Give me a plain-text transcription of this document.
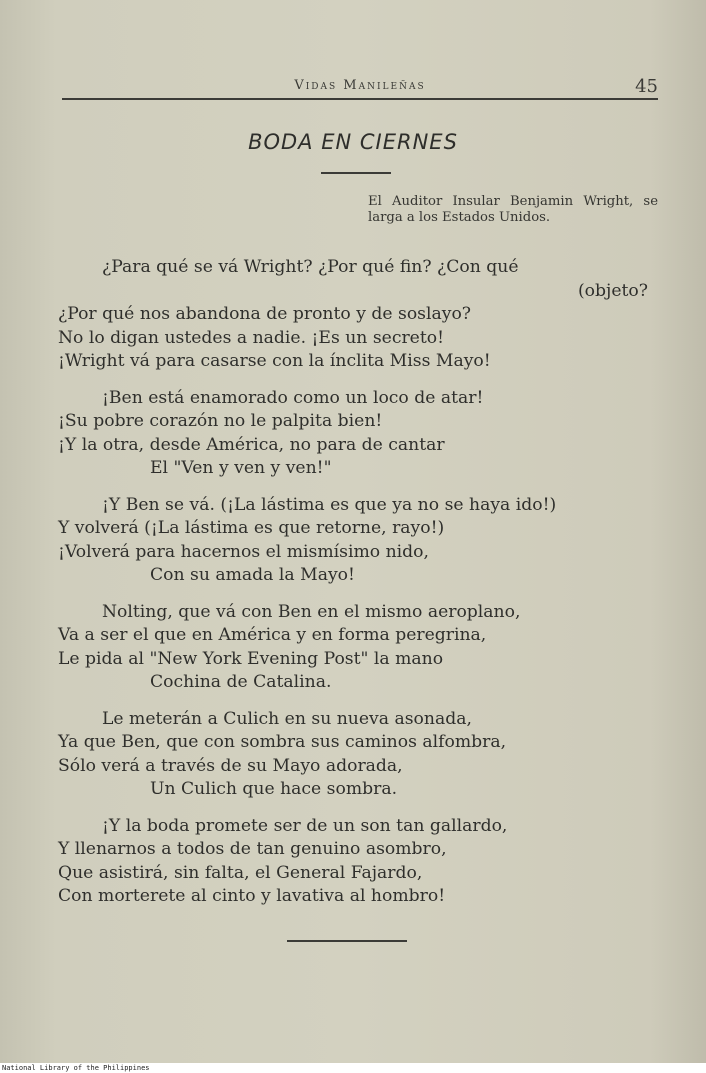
Vidas Manileñas	45
BODA EN CIERNES
El Auditor Insular Benjamin Wright, se larga a los Estados Unidos.
¿Para qué se vá Wright? ¿Por qué fin? ¿Con qué
(objeto?
¿Por qué nos abandona de pronto y de soslayo?
No lo digan ustedes a nadie. ¡Es un secreto!
¡Wright vá para casarse con la ínclita Miss Mayo!
¡Ben está enamorado como un loco de atar!
¡Su pobre corazón no le palpita bien!
¡Y la otra, desde América, no para de cantar
El "Ven y ven y ven!"
¡Y Ben se vá. (¡La lástima es que ya no se haya ido!)
Y volverá (¡La lástima es que retorne, rayo!)
¡Volverá para hacernos el mismísimo nido,
Con su amada la Mayo!
Nolting, que vá con Ben en el mismo aeroplano,
Va a ser el que en América y en forma peregrina,
Le pida al "New York Evening Post" la mano
Cochina de Catalina.
Le meterán a Culich en su nueva asonada,
Ya que Ben, que con sombra sus caminos alfombra,
Sólo verá a través de su Mayo adorada,
Un Culich que hace sombra.
¡Y la boda promete ser de un son tan gallardo,
Y llenarnos a todos de tan genuino asombro,
Que asistirá, sin falta, el General Fajardo,
Con morterete al cinto y lavativa al hombro!
National Library of the Philippines
